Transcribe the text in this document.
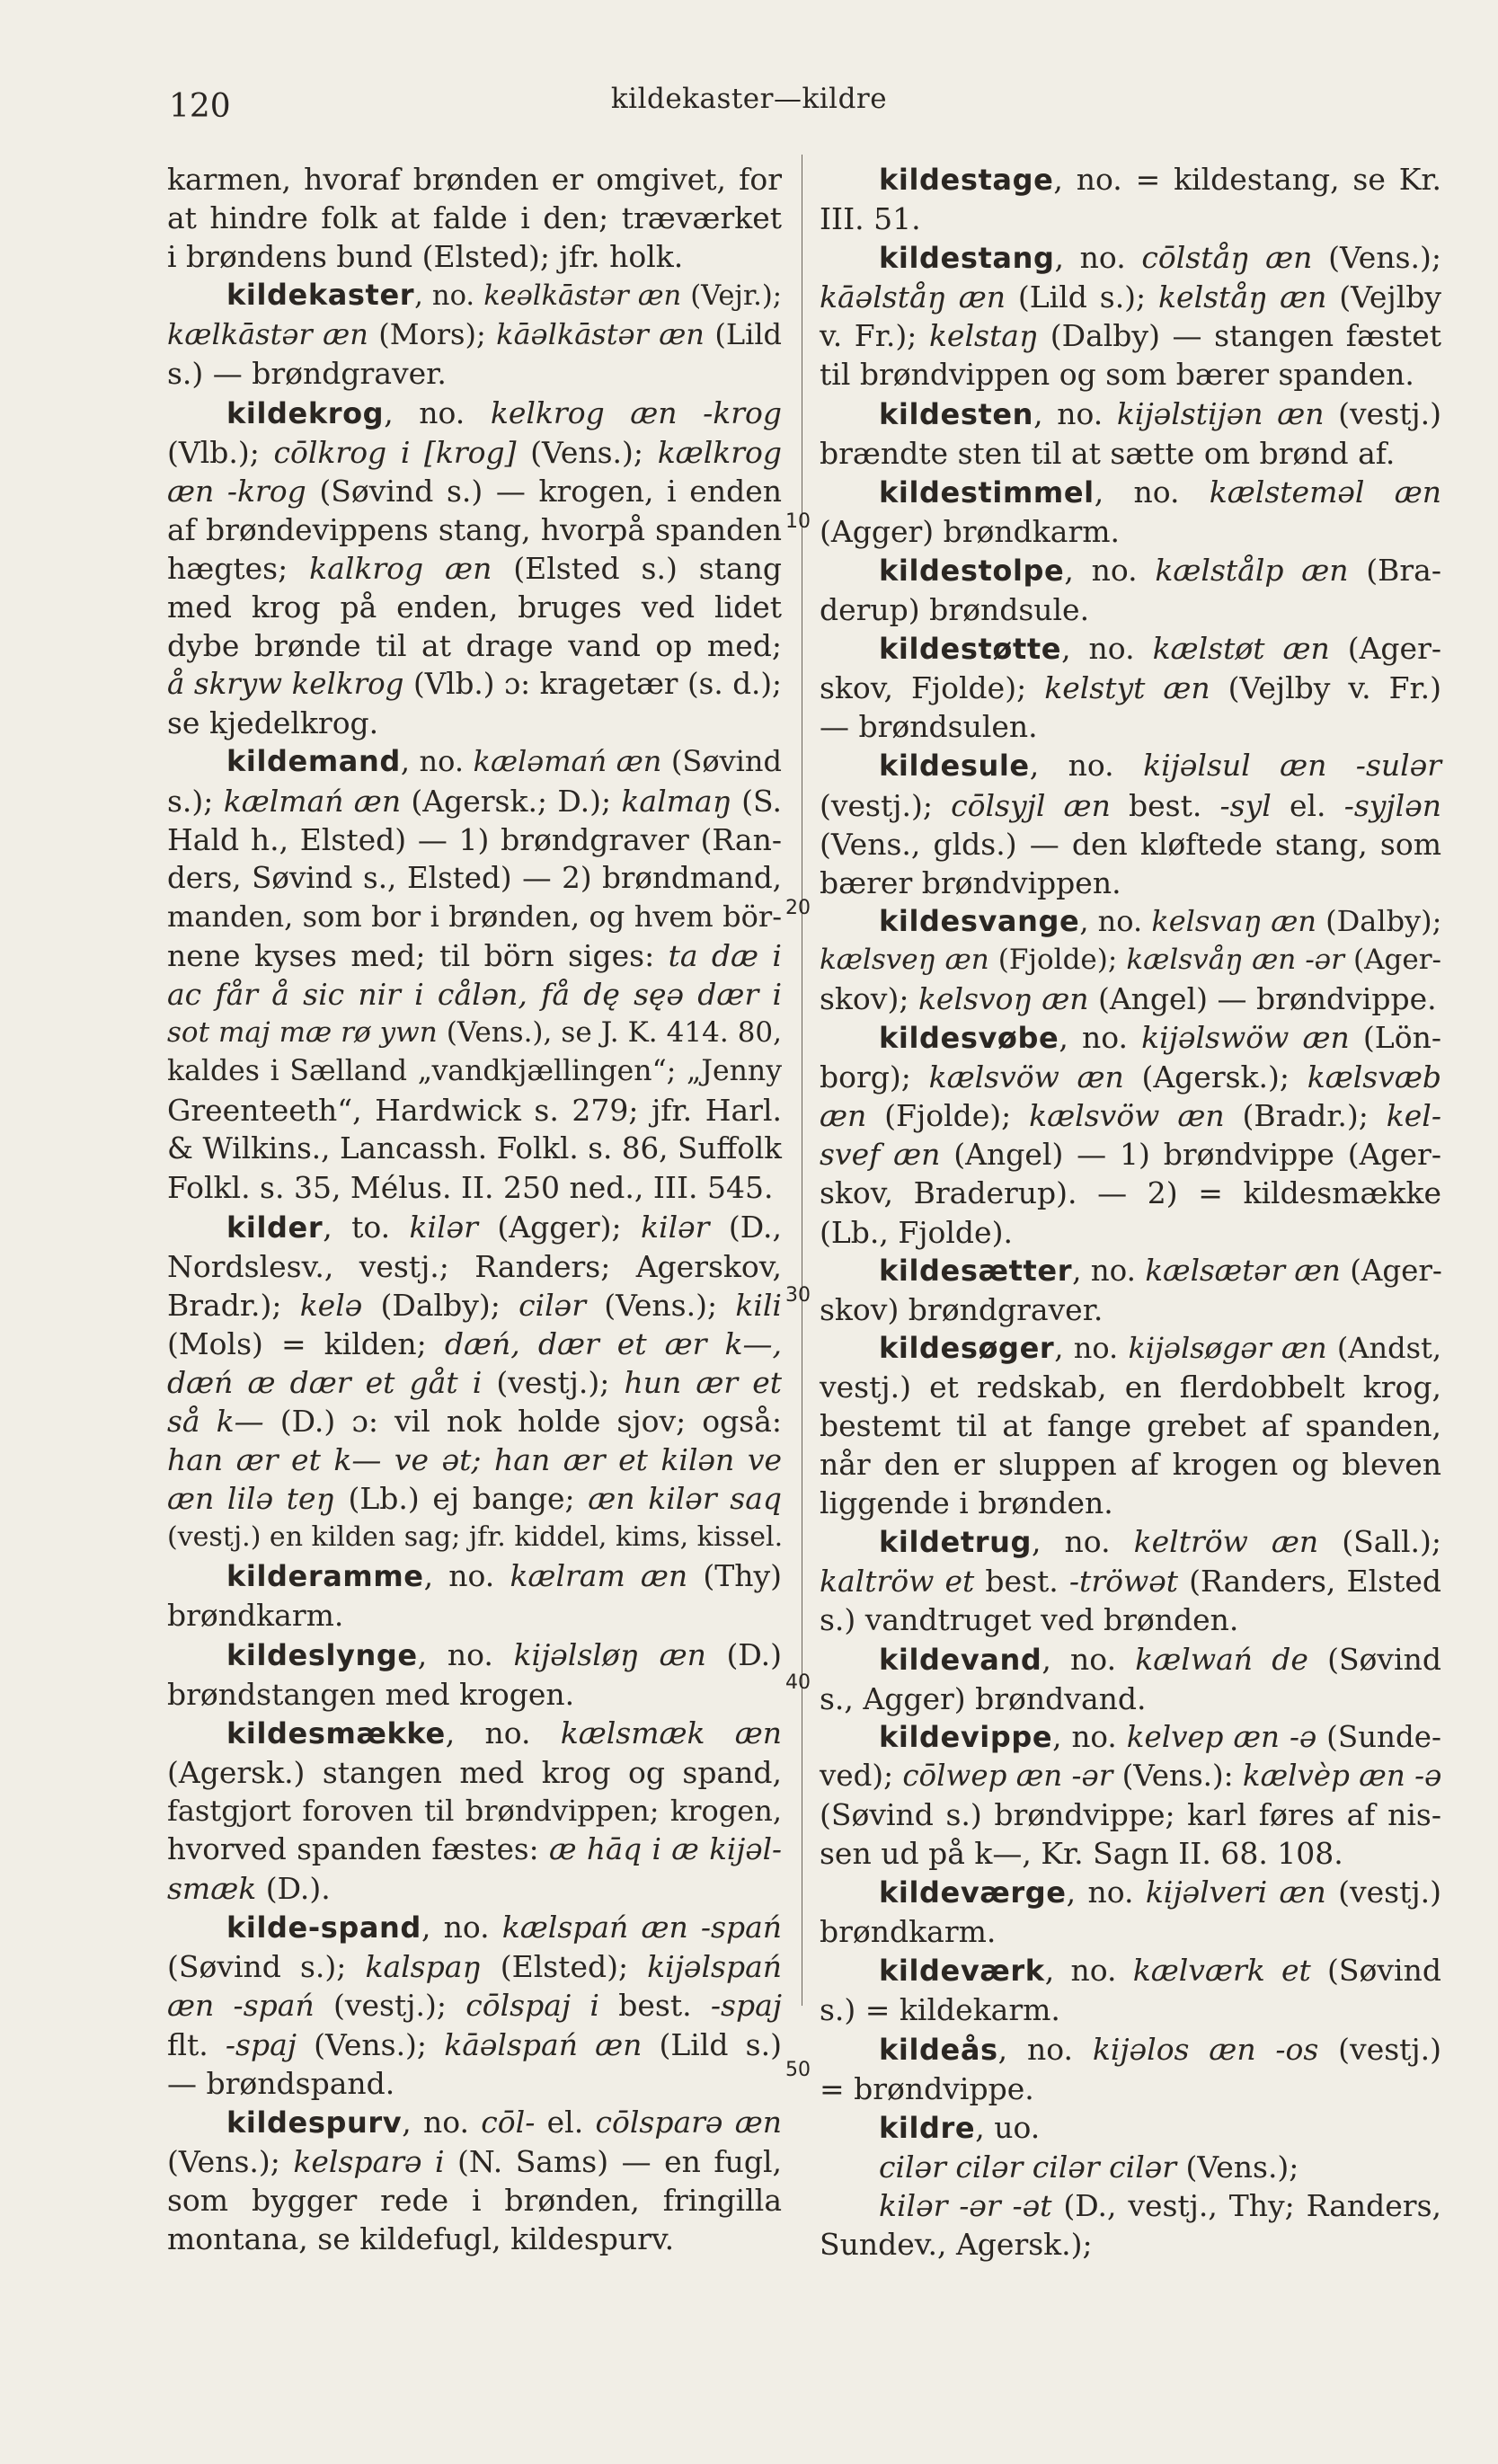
120	kildekaster—kildre
karmen, hvoraf brønden er omgivet, for
at hindre folk at falde i den; træværket
i brøndens bund (Elsted); jfr. holk.
kildekaster, no. keəlkāstər æn (Vejr.);
kælkāstər æn (Mors); kāəlkāstər æn (Lild
s.) — brøndgraver.
kildekrog, no. kelkrog æn -krog
(Vlb.); cōlkrog i [krog] (Vens.); kælkrog
æn -krog (Søvind s.) — krogen, i enden
af brøndevippens stang, hvorpå spanden
hægtes; kalkrog æn (Elsted s.) stang
med krog på enden, bruges ved lidet
dybe brønde til at drage vand op med;
å skryw kelkrog (Vlb.) ɔ: kragetær (s. d.);
se kjedelkrog.
kildemand, no. kæləmań æn (Søvind
s.); kælmań æn (Agersk.; D.); kalmaŋ (S.
Hald h., Elsted) — 1) brøndgraver (Ran-
ders, Søvind s., Elsted) — 2) brøndmand,
manden, som bor i brønden, og hvem bör-
nene kyses med; til börn siges: ta dæ i
ac får å sic nir i cålən, få dę sęə dær i
sot maj mæ rø ywn (Vens.), se J. K. 414. 80,
kaldes i Sælland „vandkjællingen“; „Jenny
Greenteeth“, Hardwick s. 279; jfr. Harl.
& Wilkins., Lancassh. Folkl. s. 86, Suffolk
Folkl. s. 35, Mélus. II. 250 ned., III. 545.
kilder, to. kilər (Agger); kilər (D.,
Nordslesv., vestj.; Randers; Agerskov,
Bradr.); kelə (Dalby); cilər (Vens.); kili
(Mols) = kilden; dæń, dær et ær k—,
dæń æ dær et gåt i (vestj.); hun ær et
så k— (D.) ɔ: vil nok holde sjov; også:
han ær et k— ve ət; han ær et kilən ve
æn lilə teŋ (Lb.) ej bange; æn kilər saq
(vestj.) en kilden sag; jfr. kiddel, kims, kissel.
kilderamme, no. kælram æn (Thy)
brøndkarm.
kildeslynge, no. kijəlsløŋ æn (D.)
brøndstangen med krogen.
kildesmække, no. kælsmæk æn
(Agersk.) stangen med krog og spand,
fastgjort foroven til brøndvippen; krogen,
hvorved spanden fæstes: æ hāq i æ kijəl-
smæk (D.).
kilde-spand, no. kælspań æn -spań
(Søvind s.); kalspaŋ (Elsted); kijəlspań
æn -spań (vestj.); cōlspaj i best. -spaj
flt. -spaj (Vens.); kāəlspań æn (Lild s.)
— brøndspand.
kildespurv, no. cōl- el. cōlsparə æn
(Vens.); kelsparə i (N. Sams) — en fugl,
som bygger rede i brønden, fringilla
montana, se kildefugl, kildespurv.
kildestage, no. = kildestang, se Kr.
III. 51.
kildestang, no. cōlståŋ æn (Vens.);
kāəlståŋ æn (Lild s.); kelståŋ æn (Vejlby
v. Fr.); kelstaŋ (Dalby) — stangen fæstet
til brøndvippen og som bærer spanden.
kildesten, no. kijəlstijən æn (vestj.)
brændte sten til at sætte om brønd af.
kildestimmel, no. kælsteməl æn
(Agger) brøndkarm.
kildestolpe, no. kælstålp æn (Bra-
derup) brøndsule.
kildestøtte, no. kælstøt æn (Ager-
skov, Fjolde); kelstyt æn (Vejlby v. Fr.)
— brøndsulen.
kildesule, no. kijəlsul æn -sulər
(vestj.); cōlsyjl æn best. -syl el. -syjlən
(Vens., glds.) — den kløftede stang, som
bærer brøndvippen.
kildesvange, no. kelsvaŋ æn (Dalby);
kælsveŋ æn (Fjolde); kælsvåŋ æn -ər (Ager-
skov); kelsvoŋ æn (Angel) — brøndvippe.
kildesvøbe, no. kijəlswöw æn (Lön-
borg); kælsvöw æn (Agersk.); kælsvæb
æn (Fjolde); kælsvöw æn (Bradr.); kel-
svef æn (Angel) — 1) brøndvippe (Ager-
skov, Braderup). — 2) = kildesmække
(Lb., Fjolde).
kildesætter, no. kælsætər æn (Ager-
skov) brøndgraver.
kildesøger, no. kijəlsøgər æn (Andst,
vestj.) et redskab, en flerdobbelt krog,
bestemt til at fange grebet af spanden,
når den er sluppen af krogen og bleven
liggende i brønden.
kildetrug, no. keltröw æn (Sall.);
kaltröw et best. -tröwət (Randers, Elsted
s.) vandtruget ved brønden.
kildevand, no. kælwań de (Søvind
s., Agger) brøndvand.
kildevippe, no. kelvep æn -ə (Sunde-
ved); cōlwep æn -ər (Vens.): kælvèp æn -ə
(Søvind s.) brøndvippe; karl føres af nis-
sen ud på k—, Kr. Sagn II. 68. 108.
kildeværge, no. kijəlveri æn (vestj.)
brøndkarm.
kildeværk, no. kælværk et (Søvind
s.) = kildekarm.
kildeås, no. kijəlos æn -os (vestj.)
= brøndvippe.
kildre, uo.
cilər cilər cilər cilər (Vens.);
kilər -ər -ət (D., vestj., Thy; Randers,
Sundev., Agersk.);
10
20
30
40
50
